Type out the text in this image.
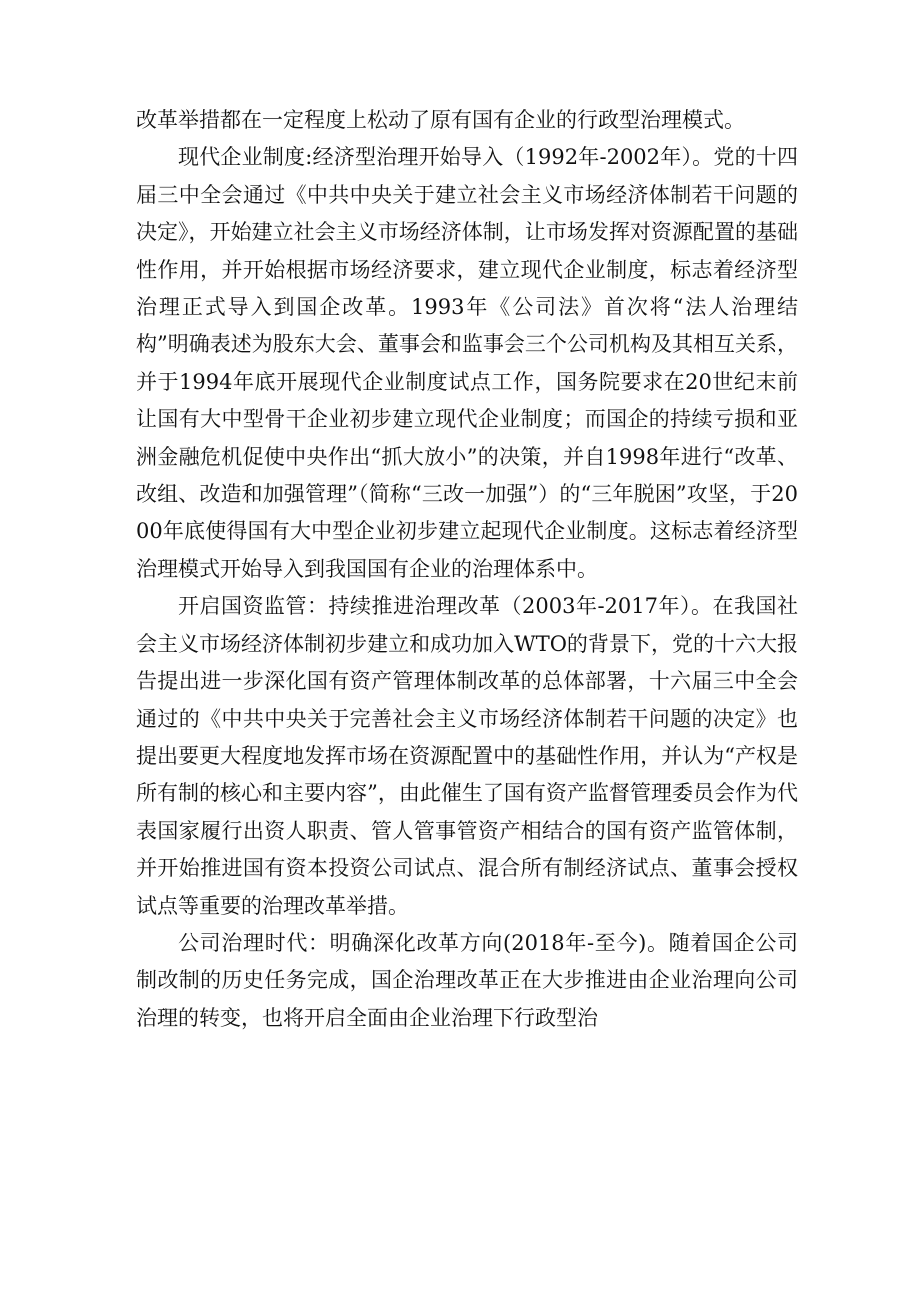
改革举措都在一定程度上松动了原有国有企业的行政型治理模式。

现代企业制度:经济型治理开始导入（1992年-2002年）。党的十四届三中全会通过《中共中央关于建立社会主义市场经济体制若干问题的决定》，开始建立社会主义市场经济体制，让市场发挥对资源配置的基础性作用，并开始根据市场经济要求，建立现代企业制度，标志着经济型治理正式导入到国企改革。1993年《公司法》首次将“法人治理结构”明确表述为股东大会、董事会和监事会三个公司机构及其相互关系，并于1994年底开展现代企业制度试点工作，国务院要求在20世纪末前让国有大中型骨干企业初步建立现代企业制度；而国企的持续亏损和亚洲金融危机促使中央作出“抓大放小”的决策，并自1998年进行“改革、改组、改造和加强管理”（简称“三改一加强”）的“三年脱困”攻坚，于2000年底使得国有大中型企业初步建立起现代企业制度。这标志着经济型治理模式开始导入到我国国有企业的治理体系中。

开启国资监管：持续推进治理改革（2003年-2017年）。在我国社会主义市场经济体制初步建立和成功加入WTO的背景下，党的十六大报告提出进一步深化国有资产管理体制改革的总体部署，十六届三中全会通过的《中共中央关于完善社会主义市场经济体制若干问题的决定》也提出要更大程度地发挥市场在资源配置中的基础性作用，并认为“产权是所有制的核心和主要内容”，由此催生了国有资产监督管理委员会作为代表国家履行出资人职责、管人管事管资产相结合的国有资产监管体制，并开始推进国有资本投资公司试点、混合所有制经济试点、董事会授权试点等重要的治理改革举措。

公司治理时代：明确深化改革方向(2018年-至今)。随着国企公司制改制的历史任务完成，国企治理改革正在大步推进由企业治理向公司治理的转变，也将开启全面由企业治理下行政型治
